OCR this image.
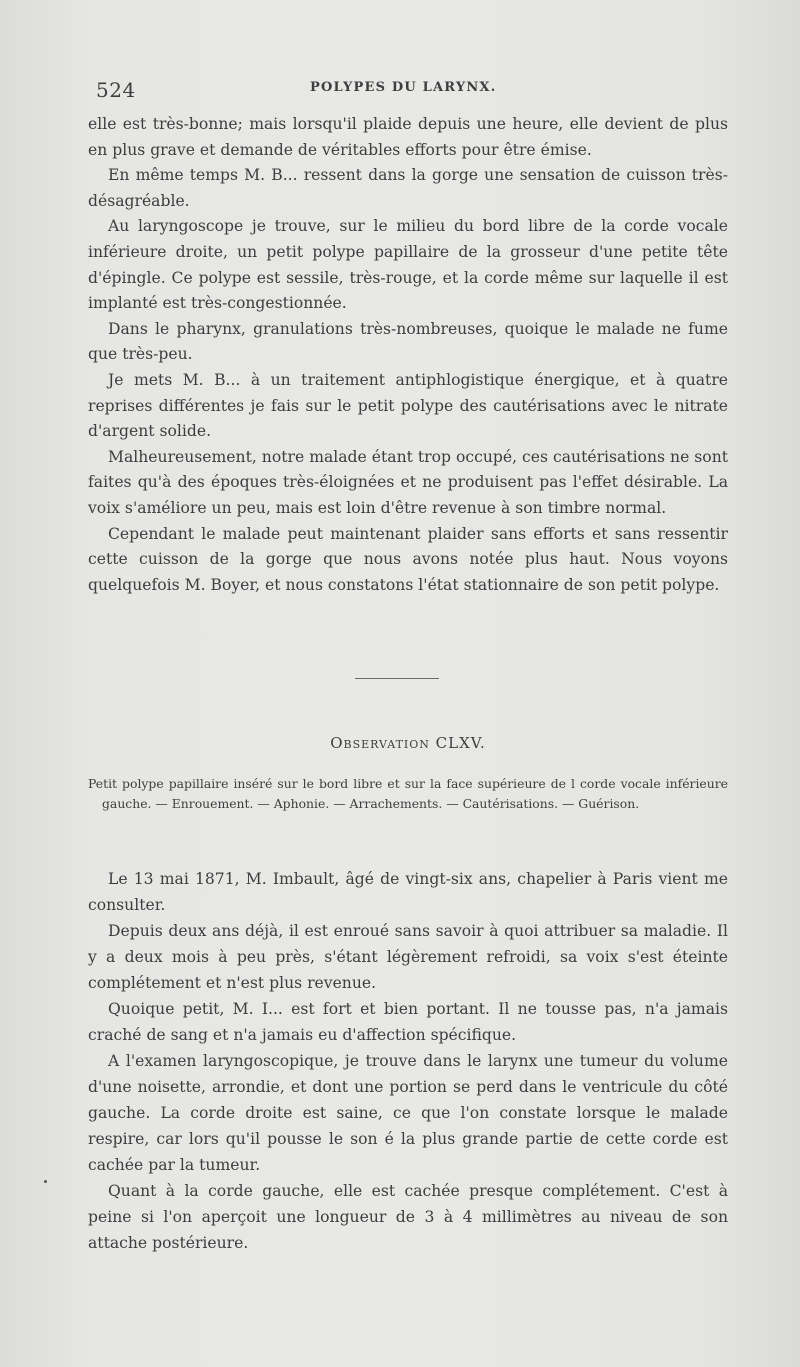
524	POLYPES DU LARYNX.

elle est très-bonne; mais lorsqu'il plaide depuis une heure, elle devient de plus en plus grave et demande de véritables efforts pour être émise.

En même temps M. B... ressent dans la gorge une sensation de cuisson très-désagréable.

Au laryngoscope je trouve, sur le milieu du bord libre de la corde vocale inférieure droite, un petit polype papillaire de la grosseur d'une petite tête d'épingle. Ce polype est sessile, très-rouge, et la corde même sur laquelle il est implanté est très-congestionnée.

Dans le pharynx, granulations très-nombreuses, quoique le malade ne fume que très-peu.

Je mets M. B... à un traitement antiphlogistique énergique, et à quatre reprises différentes je fais sur le petit polype des cautérisations avec le nitrate d'argent solide.

Malheureusement, notre malade étant trop occupé, ces cautérisations ne sont faites qu'à des époques très-éloignées et ne produisent pas l'effet désirable. La voix s'améliore un peu, mais est loin d'être revenue à son timbre normal.

Cependant le malade peut maintenant plaider sans efforts et sans ressentir cette cuisson de la gorge que nous avons notée plus haut. Nous voyons quelquefois M. Boyer, et nous constatons l'état stationnaire de son petit polype.

Observation CLXV.
Petit polype papillaire inséré sur le bord libre et sur la face supérieure de l corde vocale inférieure gauche. — Enrouement. — Aphonie. — Arrachements. — Cautérisations. — Guérison.

Le 13 mai 1871, M. Imbault, âgé de vingt-six ans, chapelier à Paris vient me consulter.

Depuis deux ans déjà, il est enroué sans savoir à quoi attribuer sa maladie. Il y a deux mois à peu près, s'étant légèrement refroidi, sa voix s'est éteinte complétement et n'est plus revenue.

Quoique petit, M. I... est fort et bien portant. Il ne tousse pas, n'a jamais craché de sang et n'a jamais eu d'affection spécifique.

A l'examen laryngoscopique, je trouve dans le larynx une tumeur du volume d'une noisette, arrondie, et dont une portion se perd dans le ventricule du côté gauche. La corde droite est saine, ce que l'on constate lorsque le malade respire, car lors qu'il pousse le son é la plus grande partie de cette corde est cachée par la tumeur.

Quant à la corde gauche, elle est cachée presque complétement. C'est à peine si l'on aperçoit une longueur de 3 à 4 millimètres au niveau de son attache postérieure.
